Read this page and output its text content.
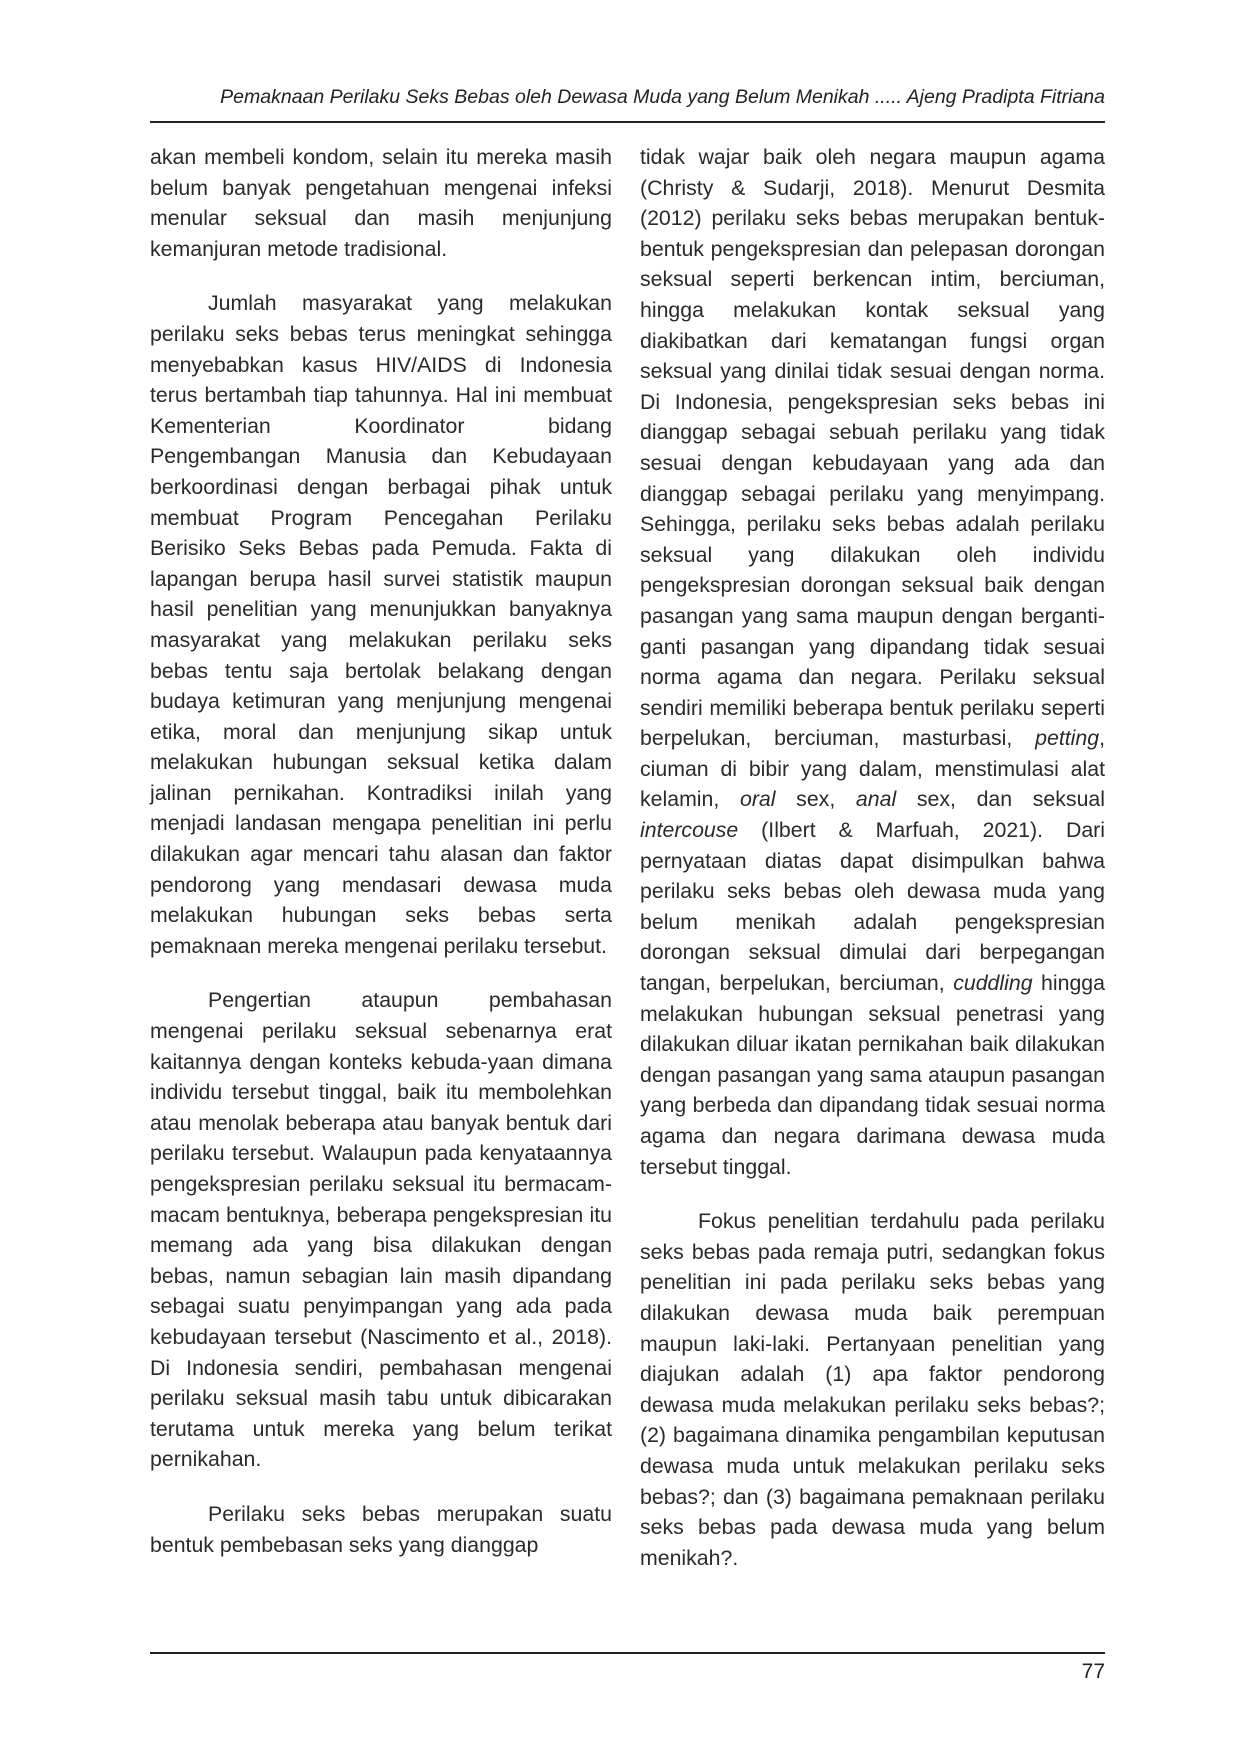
Pemaknaan Perilaku Seks Bebas oleh Dewasa Muda yang Belum Menikah ..... Ajeng Pradipta Fitriana

akan membeli kondom, selain itu mereka masih belum banyak pengetahuan mengenai infeksi menular seksual dan masih menjunjung kemanjuran metode tradisional.

Jumlah masyarakat yang melakukan perilaku seks bebas terus meningkat sehingga menyebabkan kasus HIV/AIDS di Indonesia terus bertambah tiap tahunnya. Hal ini membuat Kementerian Koordinator bidang Pengembangan Manusia dan Kebudayaan berkoordinasi dengan berbagai pihak untuk membuat Program Pencegahan Perilaku Berisiko Seks Bebas pada Pemuda. Fakta di lapangan berupa hasil survei statistik maupun hasil penelitian yang menunjukkan banyaknya masyarakat yang melakukan perilaku seks bebas tentu saja bertolak belakang dengan budaya ketimuran yang menjunjung mengenai etika, moral dan menjunjung sikap untuk melakukan hubungan seksual ketika dalam jalinan pernikahan. Kontradiksi inilah yang menjadi landasan mengapa penelitian ini perlu dilakukan agar mencari tahu alasan dan faktor pendorong yang mendasari dewasa muda melakukan hubungan seks bebas serta pemaknaan mereka mengenai perilaku tersebut.

Pengertian ataupun pembahasan mengenai perilaku seksual sebenarnya erat kaitannya dengan konteks kebuda-yaan dimana individu tersebut tinggal, baik itu membolehkan atau menolak beberapa atau banyak bentuk dari perilaku tersebut. Walaupun pada kenyataannya pengekspresian perilaku seksual itu bermacam-macam bentuknya, beberapa pengekspresian itu memang ada yang bisa dilakukan dengan bebas, namun sebagian lain masih dipandang sebagai suatu penyimpangan yang ada pada kebudayaan tersebut (Nascimento et al., 2018). Di Indonesia sendiri, pembahasan mengenai perilaku seksual masih tabu untuk dibicarakan terutama untuk mereka yang belum terikat pernikahan.

Perilaku seks bebas merupakan suatu bentuk pembebasan seks yang dianggap

tidak wajar baik oleh negara maupun agama (Christy & Sudarji, 2018). Menurut Desmita (2012) perilaku seks bebas merupakan bentuk-bentuk pengekspresian dan pelepasan dorongan seksual seperti berkencan intim, berciuman, hingga melakukan kontak seksual yang diakibatkan dari kematangan fungsi organ seksual yang dinilai tidak sesuai dengan norma. Di Indonesia, pengekspresian seks bebas ini dianggap sebagai sebuah perilaku yang tidak sesuai dengan kebudayaan yang ada dan dianggap sebagai perilaku yang menyimpang. Sehingga, perilaku seks bebas adalah perilaku seksual yang dilakukan oleh individu pengekspresian dorongan seksual baik dengan pasangan yang sama maupun dengan berganti-ganti pasangan yang dipandang tidak sesuai norma agama dan negara. Perilaku seksual sendiri memiliki beberapa bentuk perilaku seperti berpelukan, berciuman, masturbasi, petting, ciuman di bibir yang dalam, menstimulasi alat kelamin, oral sex, anal sex, dan seksual intercouse (Ilbert & Marfuah, 2021). Dari pernyataan diatas dapat disimpulkan bahwa perilaku seks bebas oleh dewasa muda yang belum menikah adalah pengekspresian dorongan seksual dimulai dari berpegangan tangan, berpelukan, berciuman, cuddling hingga melakukan hubungan seksual penetrasi yang dilakukan diluar ikatan pernikahan baik dilakukan dengan pasangan yang sama ataupun pasangan yang berbeda dan dipandang tidak sesuai norma agama dan negara darimana dewasa muda tersebut tinggal.

Fokus penelitian terdahulu pada perilaku seks bebas pada remaja putri, sedangkan fokus penelitian ini pada perilaku seks bebas yang dilakukan dewasa muda baik perempuan maupun laki-laki. Pertanyaan penelitian yang diajukan adalah (1) apa faktor pendorong dewasa muda melakukan perilaku seks bebas?; (2) bagaimana dinamika pengambilan keputusan dewasa muda untuk melakukan perilaku seks bebas?; dan (3) bagaimana pemaknaan perilaku seks bebas pada dewasa muda yang belum menikah?.

77
